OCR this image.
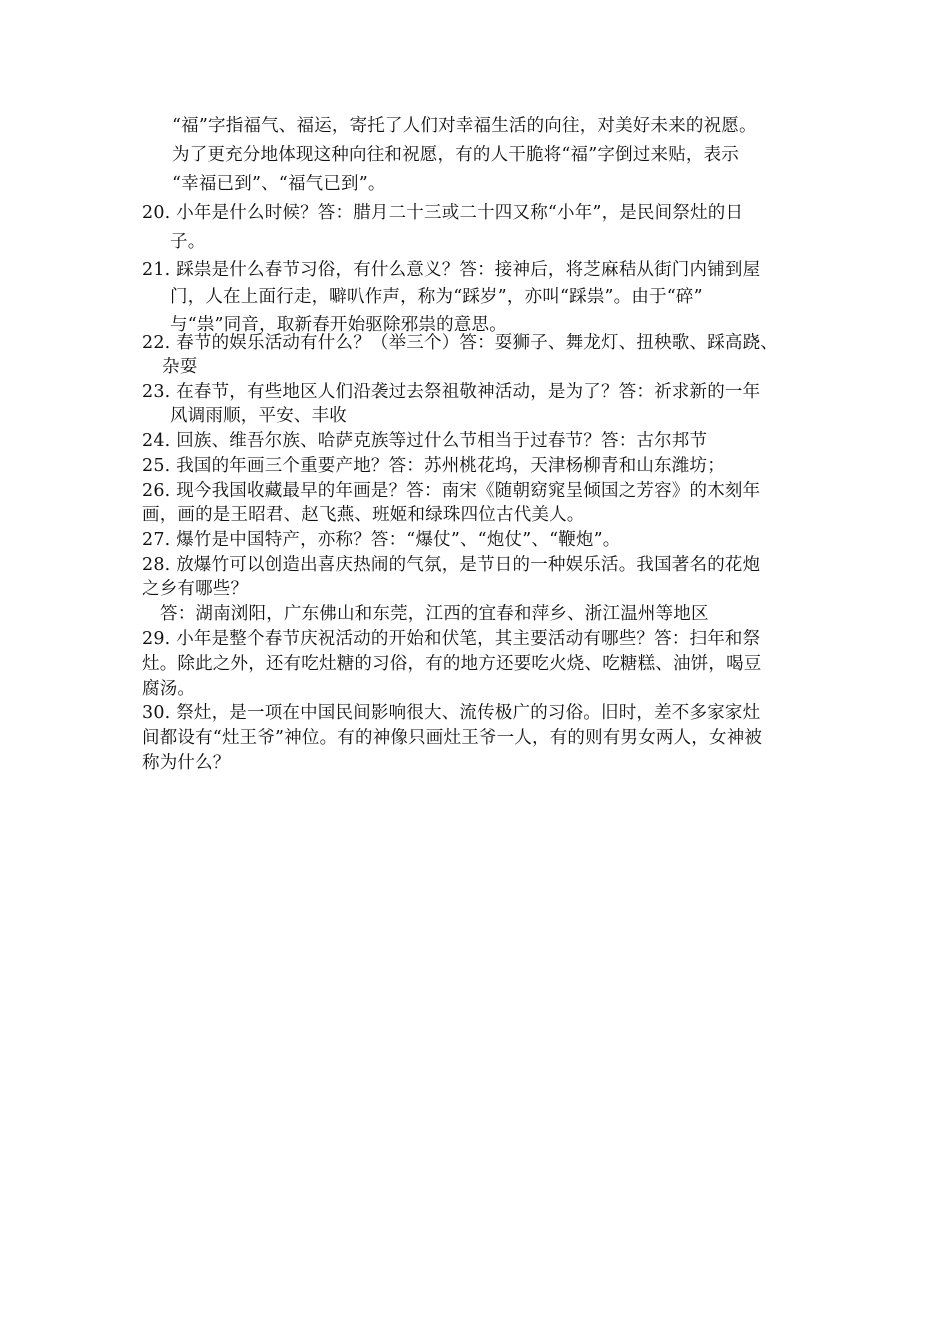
“福”字指福气、福运，寄托了人们对幸福生活的向往，对美好未来的祝愿。
为了更充分地体现这种向往和祝愿，有的人干脆将“福”字倒过来贴，表示
“幸福已到”、“福气已到”。
20. 小年是什么时候？答：腊月二十三或二十四又称“小年”，是民间祭灶的日
子。
21. 踩祟是什么春节习俗，有什么意义？答：接神后，将芝麻秸从街门内铺到屋
门，人在上面行走，噼叭作声，称为“踩岁”，亦叫“踩祟”。由于“碎”
与“祟”同音，取新春开始驱除邪祟的意思。
22. 春节的娱乐活动有什么？（举三个）答：耍狮子、舞龙灯、扭秧歌、踩高跷、
杂耍
23. 在春节，有些地区人们沿袭过去祭祖敬神活动，是为了？答：祈求新的一年
风调雨顺，平安、丰收
24. 回族、维吾尔族、哈萨克族等过什么节相当于过春节？答：古尔邦节
25. 我国的年画三个重要产地？答：苏州桃花坞，天津杨柳青和山东潍坊；
26. 现今我国收藏最早的年画是？答：南宋《随朝窈窕呈倾国之芳容》的木刻年
画，画的是王昭君、赵飞燕、班姬和绿珠四位古代美人。
27. 爆竹是中国特产，亦称？答：“爆仗”、“炮仗”、“鞭炮”。
28. 放爆竹可以创造出喜庆热闹的气氛，是节日的一种娱乐活。我国著名的花炮
之乡有哪些？
答：湖南浏阳，广东佛山和东莞，江西的宜春和萍乡、浙江温州等地区
29. 小年是整个春节庆祝活动的开始和伏笔，其主要活动有哪些？答：扫年和祭
灶。除此之外，还有吃灶糖的习俗，有的地方还要吃火烧、吃糖糕、油饼，喝豆
腐汤。
30. 祭灶，是一项在中国民间影响很大、流传极广的习俗。旧时，差不多家家灶
间都设有“灶王爷”神位。有的神像只画灶王爷一人，有的则有男女两人，女神被
称为什么？
